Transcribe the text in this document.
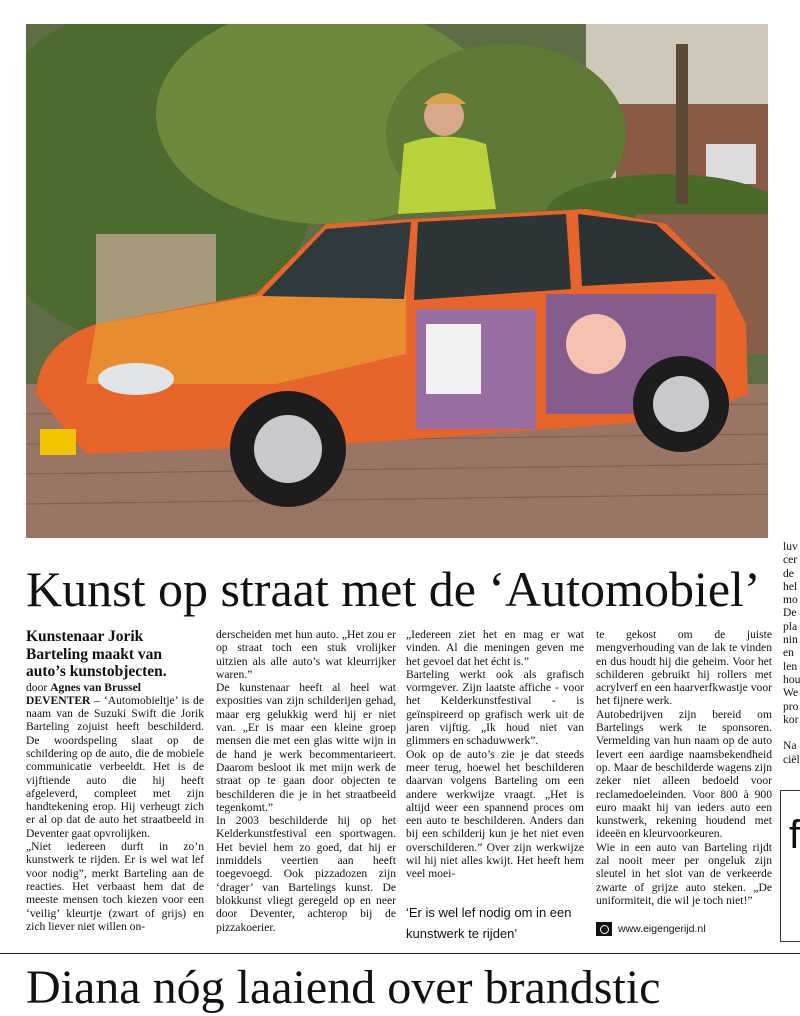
Kunst op straat met de ‘Automobiel’

Kunstenaar Jorik Barteling maakt van auto’s kunstobjecten.

door Agnes van Brussel

DEVENTER – ‘Automobieltje’ is de naam van de Suzuki Swift die Jorik Barteling zojuist heeft beschilderd. De woordspeling slaat op de schildering op de auto, die de mobiele communicatie verbeeldt. Het is de vijftiende auto die hij heeft afgeleverd, compleet met zijn handtekening erop. Hij verheugt zich er al op dat de auto het straatbeeld in Deventer gaat opvrolijken.

„Niet iedereen durft in zo’n kunstwerk te rijden. Er is wel wat lef voor nodig”, merkt Barteling aan de reacties. Het verbaast hem dat de meeste mensen toch kiezen voor een ‘veilig’ kleurtje (zwart of grijs) en zich liever niet willen on-

derscheiden met hun auto. „Het zou er op straat toch een stuk vrolijker uitzien als alle auto’s wat kleurrijker waren.”

De kunstenaar heeft al heel wat exposities van zijn schilderijen gehad, maar erg gelukkig werd hij er niet van. „Er is maar een kleine groep mensen die met een glas witte wijn in de hand je werk becommentarieert. Daarom besloot ik met mijn werk de straat op te gaan door objecten te beschilderen die je in het straatbeeld tegenkomt.”

In 2003 beschilderde hij op het Kelderkunstfestival een sportwagen. Het beviel hem zo goed, dat hij er inmiddels veertien aan heeft toegevoegd. Ook pizzadozen zijn ‘drager’ van Bartelings kunst. De blokkunst vliegt geregeld op en neer door Deventer, achterop bij de pizzakoerier.

„Iedereen ziet het en mag er wat vinden. Al die meningen geven me het gevoel dat het écht is.”

Barteling werkt ook als grafisch vormgever. Zijn laatste affiche - voor het Kelderkunstfestival - is geïnspireerd op grafisch werk uit de jaren vijftig. „Ik houd niet van glimmers en schaduwwerk”.

Ook op de auto’s zie je dat steeds meer terug, hoewel het beschilderen daarvan volgens Barteling om een andere werkwijze vraagt. „Het is altijd weer een spannend proces om een auto te beschilderen. Anders dan bij een schilderij kun je het niet even overschilderen.” Over zijn werkwijze wil hij niet alles kwijt. Het heeft hem veel moei-

‘Er is wel lef nodig om in een kunstwerk te rijden’

te gekost om de juiste mengverhouding van de lak te vinden en dus houdt hij die geheim. Voor het schilderen gebruikt hij rollers met acrylverf en een haarverfkwastje voor het fijnere werk.

Autobedrijven zijn bereid om Bartelings werk te sponsoren. Vermelding van hun naam op de auto levert een aardige naamsbekendheid op. Maar de beschilderde wagens zijn zeker niet alleen bedoeld voor reclamedoeleinden. Voor 800 à 900 euro maakt hij van ieders auto een kunstwerk, rekening houdend met ideeën en kleurvoorkeuren.

Wie in een auto van Barteling rijdt zal nooit meer per ongeluk zijn sleutel in het slot van de verkeerde zwarte of grijze auto steken. „De uniformiteit, die wil je toch niet!”

www.eigengerijd.nl
luv
cer
de
hel
mo
De
pla
nin
en
len
hou
We
pro
kor

Na
ciël
f
Diana nóg laaiend over brandstic
